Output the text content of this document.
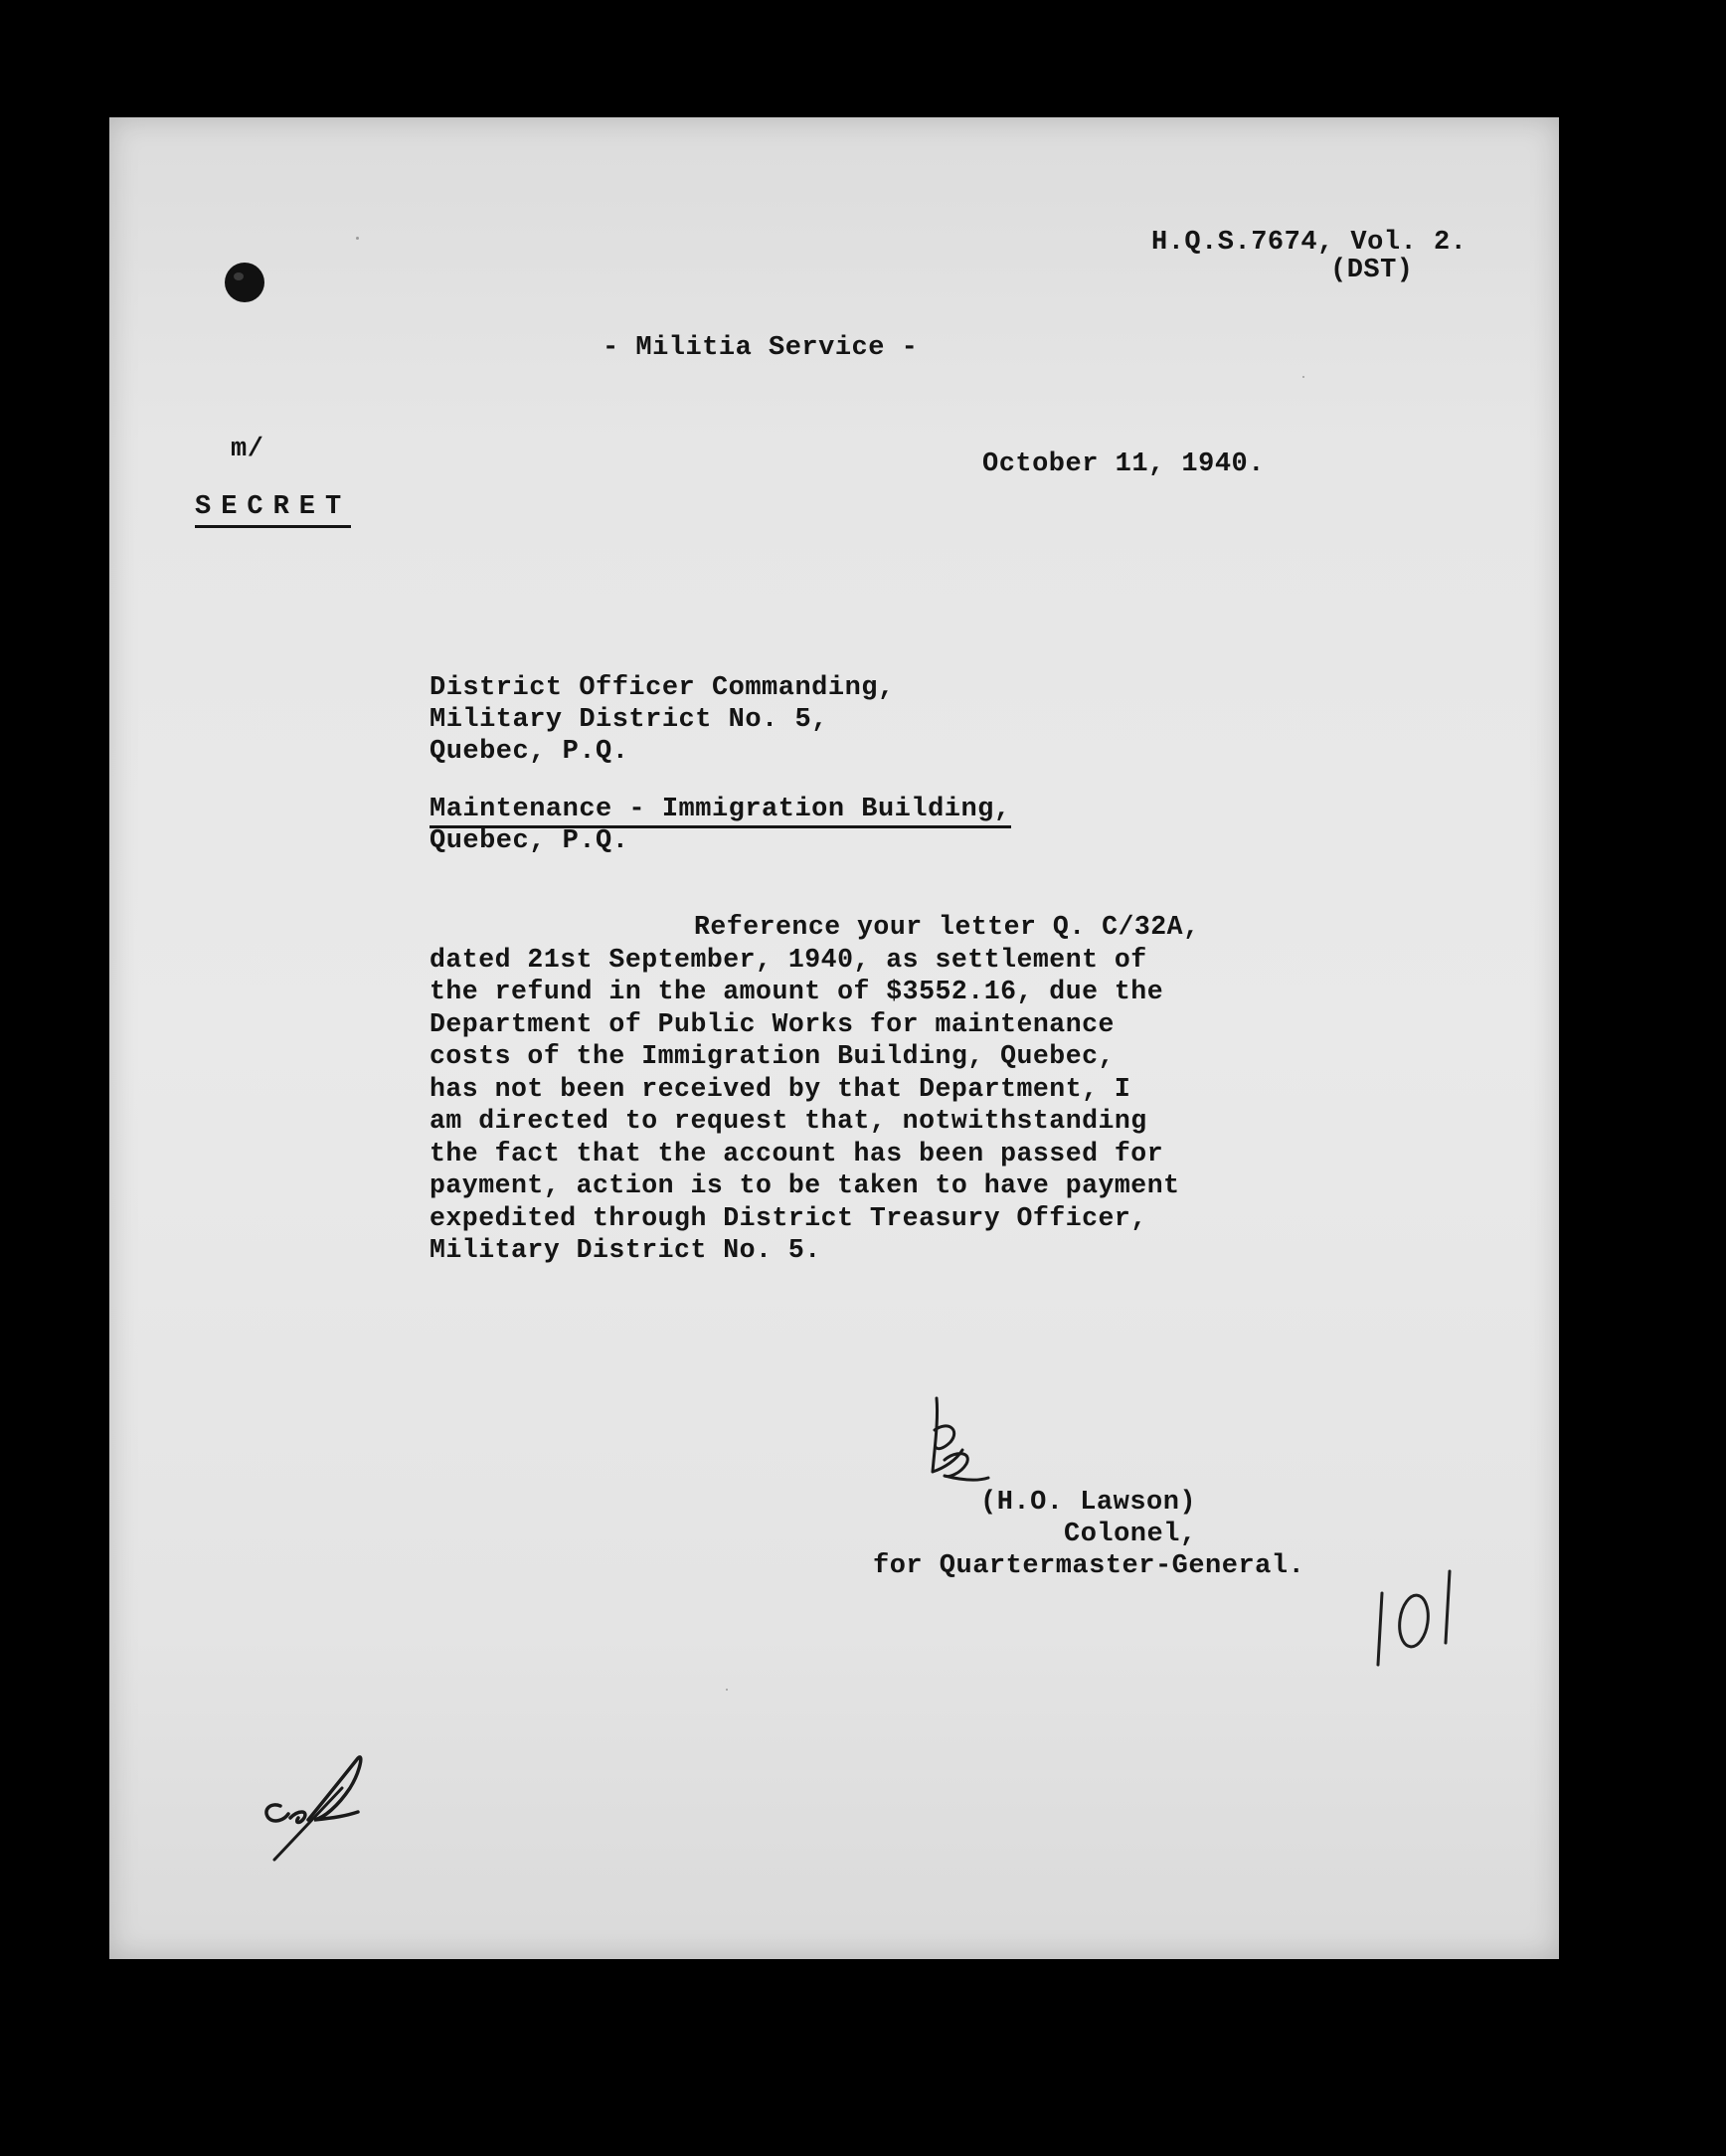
H.Q.S.7674, Vol. 2.
(DST)
- Militia Service -
m/	October 11, 1940.
SECRET
District Officer Commanding,
Military District No. 5,
Quebec, P.Q.
Maintenance - Immigration Building,
Quebec, P.Q.
Reference your letter Q. C/32A,
dated 21st September, 1940, as settlement of
the refund in the amount of $3552.16, due the
Department of Public Works for maintenance
costs of the Immigration Building, Quebec,
has not been received by that Department, I
am directed to request that, notwithstanding
the fact that the account has been passed for
payment, action is to be taken to have payment
expedited through District Treasury Officer,
Military District No. 5.
(H.O. Lawson)
Colonel,
for Quartermaster-General.
